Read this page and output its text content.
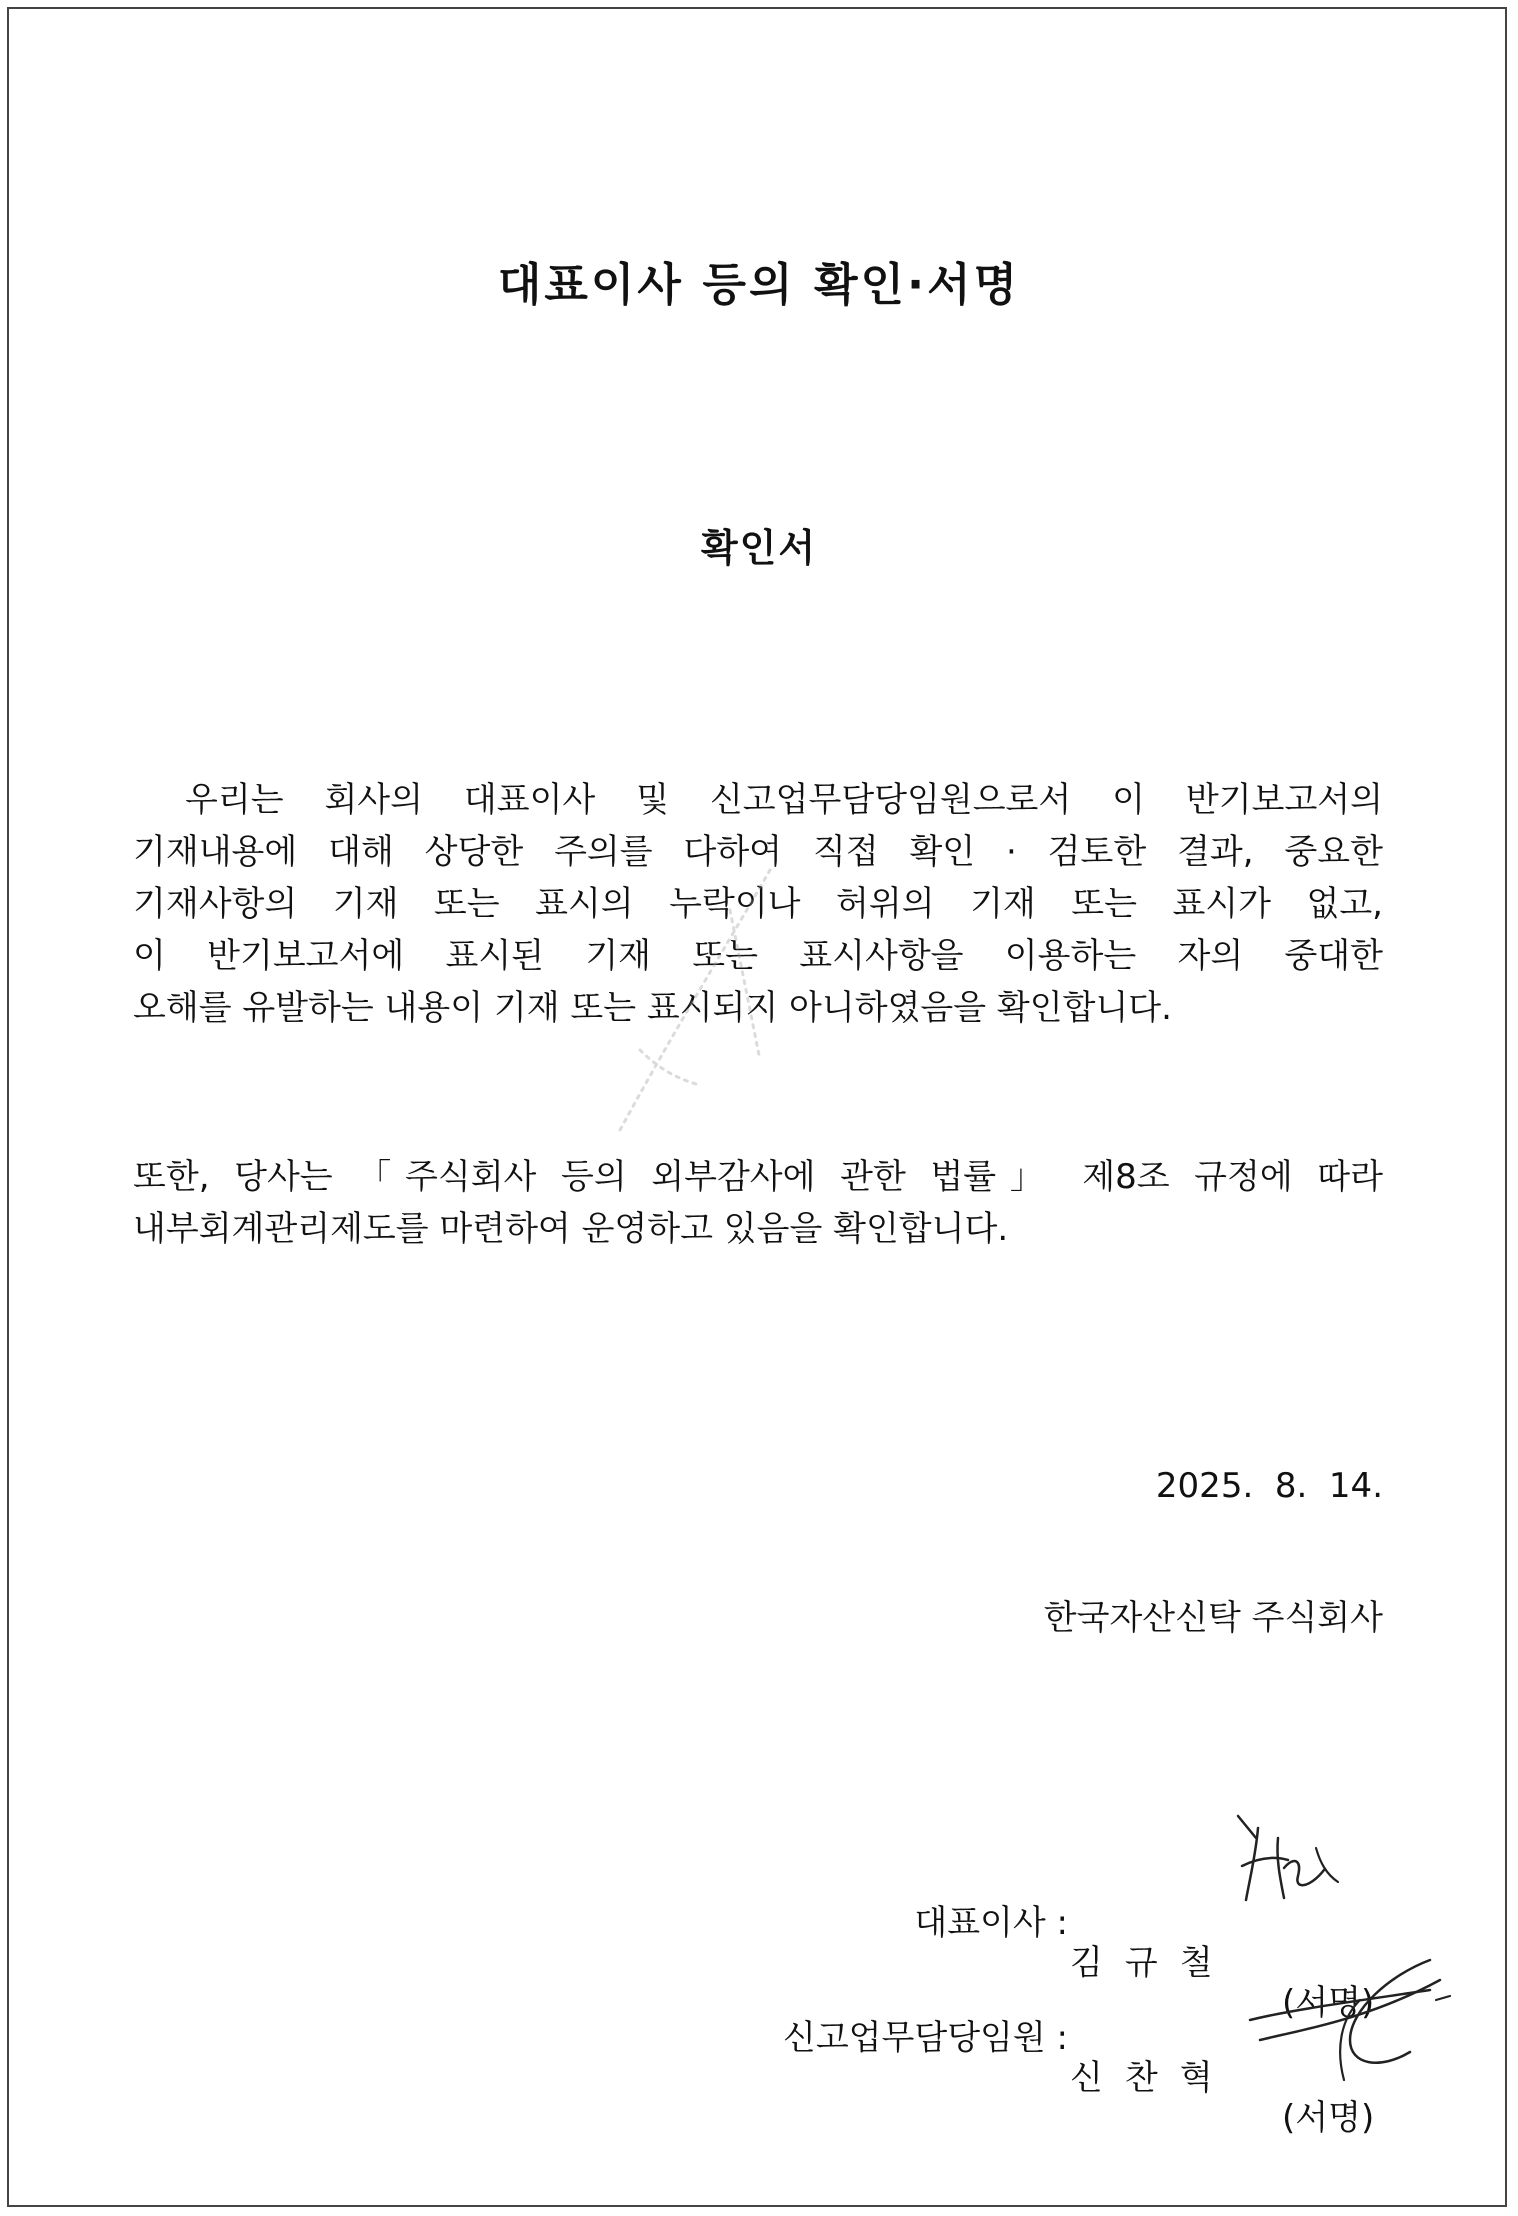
대표이사 등의 확인·서명
확인서
우리는 회사의 대표이사 및 신고업무담당임원으로서 이 반기보고서의
기재내용에 대해 상당한 주의를 다하여 직접 확인 · 검토한 결과, 중요한
기재사항의 기재 또는 표시의 누락이나 허위의 기재 또는 표시가 없고,
이 반기보고서에 표시된 기재 또는 표시사항을 이용하는 자의 중대한
오해를 유발하는 내용이 기재 또는 표시되지 아니하였음을 확인합니다.
또한, 당사는 「주식회사 등의 외부감사에 관한 법률」 제8조 규정에 따라
내부회계관리제도를 마련하여 운영하고 있음을 확인합니다.
2025.  8.  14.
한국자산신탁 주식회사

대표이사 :

김규철

(서명)

신고업무담당임원 :

신찬혁

(서명)
